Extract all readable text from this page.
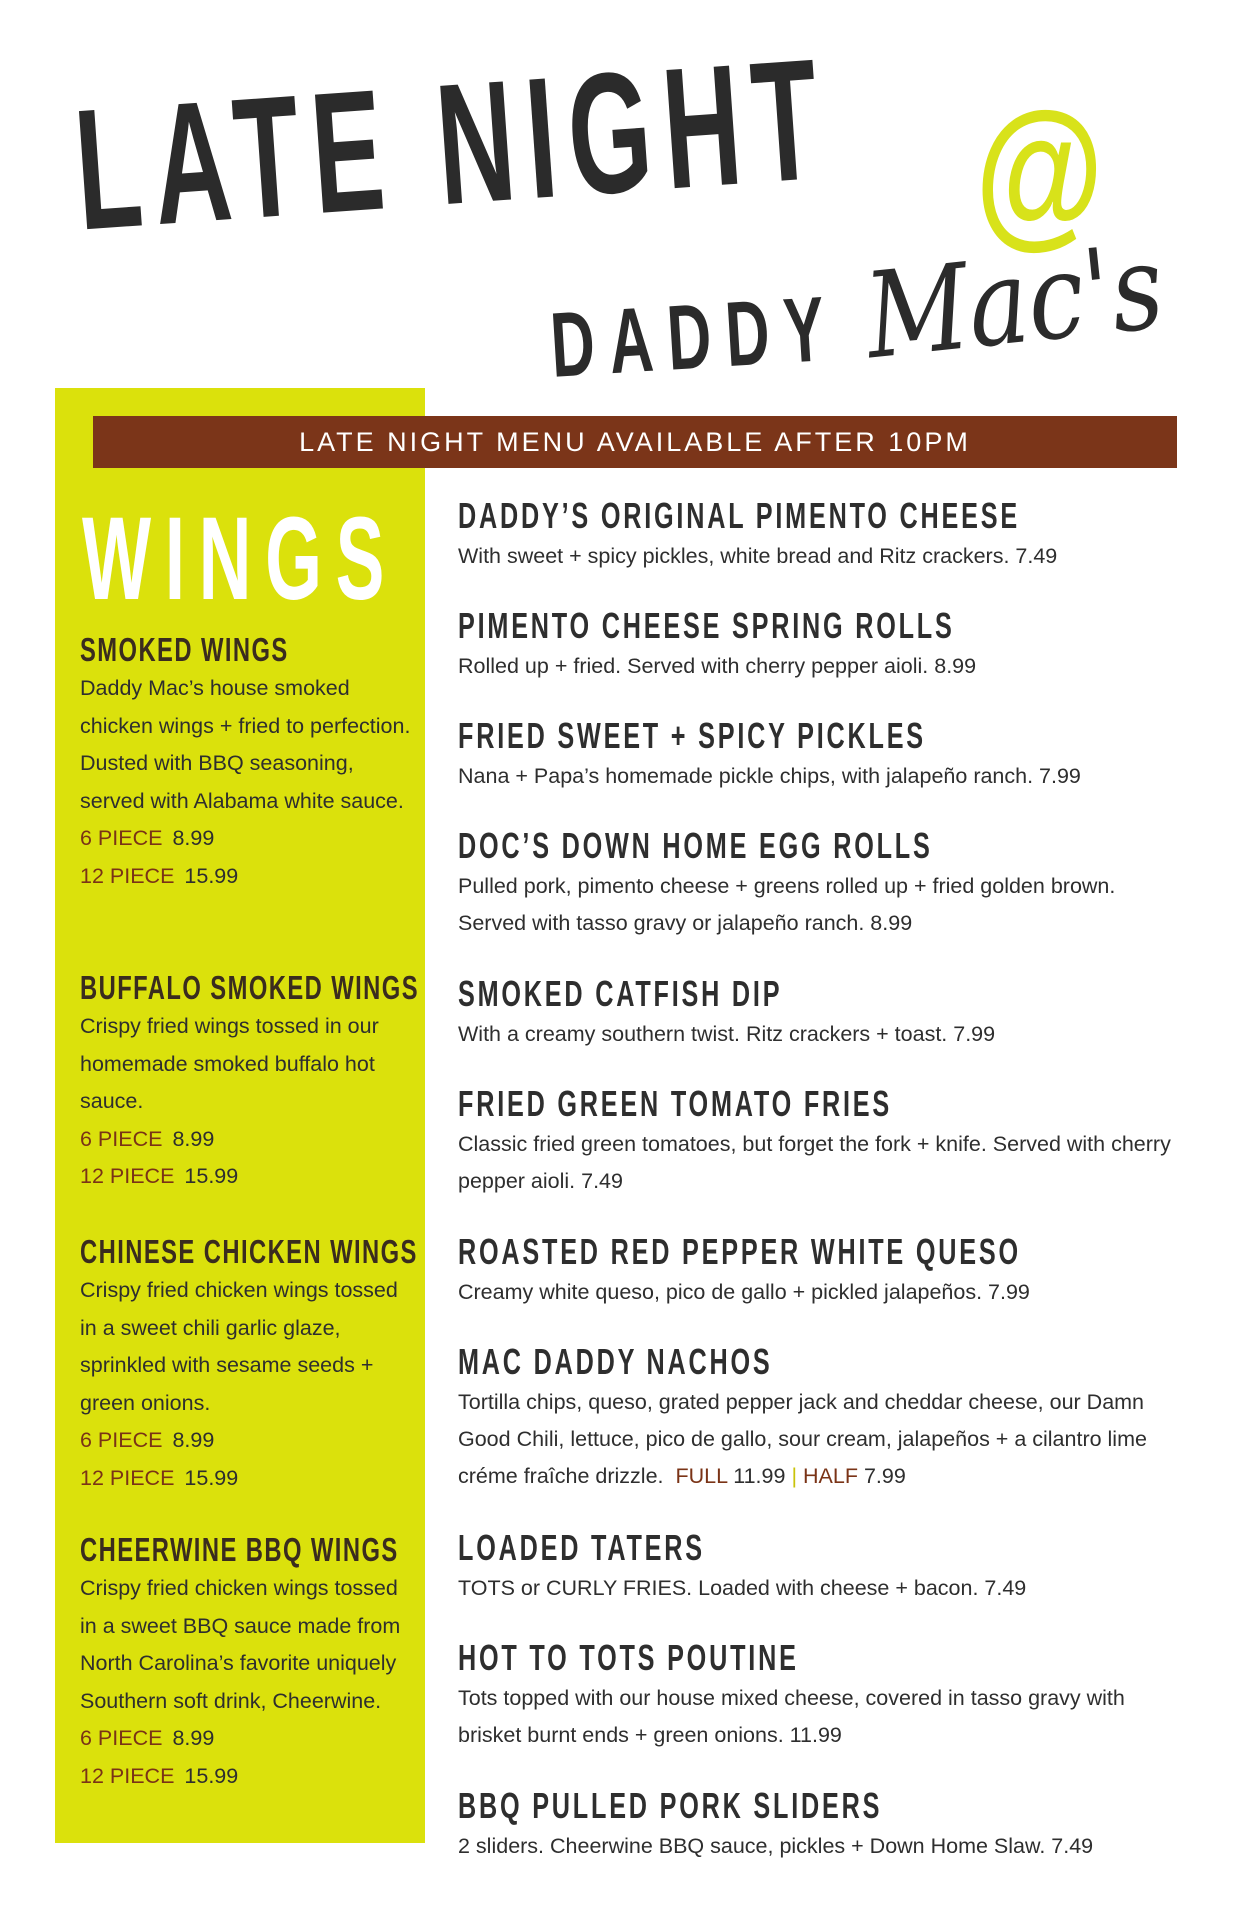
LATE NIGHT @
DADDY Mac's
LATE NIGHT MENU AVAILABLE AFTER 10PM
WINGS
SMOKED WINGS

Daddy Mac’s house smoked chicken wings + fried to perfection. Dusted with BBQ seasoning, served with Alabama white sauce.

6 PIECE 8.99
12 PIECE 15.99
BUFFALO SMOKED WINGS

Crispy fried wings tossed in our homemade smoked buffalo hot sauce.

6 PIECE 8.99
12 PIECE 15.99
CHINESE CHICKEN WINGS

Crispy fried chicken wings tossed in a sweet chili garlic glaze, sprinkled with sesame seeds + green onions.

6 PIECE 8.99
12 PIECE 15.99
CHEERWINE BBQ WINGS

Crispy fried chicken wings tossed in a sweet BBQ sauce made from North Carolina’s favorite uniquely Southern soft drink, Cheerwine.

6 PIECE 8.99
12 PIECE 15.99
DADDY’S ORIGINAL PIMENTO CHEESE

With sweet + spicy pickles, white bread and Ritz crackers. 7.49

PIMENTO CHEESE SPRING ROLLS

Rolled up + fried. Served with cherry pepper aioli. 8.99

FRIED SWEET + SPICY PICKLES

Nana + Papa’s homemade pickle chips, with jalapeño ranch. 7.99

DOC’S DOWN HOME EGG ROLLS

Pulled pork, pimento cheese + greens rolled up + fried golden brown. Served with tasso gravy or jalapeño ranch. 8.99

SMOKED CATFISH DIP

With a creamy southern twist. Ritz crackers + toast. 7.99

FRIED GREEN TOMATO FRIES

Classic fried green tomatoes, but forget the fork + knife. Served with cherry pepper aioli. 7.49

ROASTED RED PEPPER WHITE QUESO

Creamy white queso, pico de gallo + pickled jalapeños. 7.99

MAC DADDY NACHOS

Tortilla chips, queso, grated pepper jack and cheddar cheese, our Damn Good Chili, lettuce, pico de gallo, sour cream, jalapeños + a cilantro lime créme fraîche drizzle. FULL 11.99 | HALF 7.99

LOADED TATERS

TOTS or CURLY FRIES. Loaded with cheese + bacon. 7.49

HOT TO TOTS POUTINE

Tots topped with our house mixed cheese, covered in tasso gravy with brisket burnt ends + green onions. 11.99

BBQ PULLED PORK SLIDERS

2 sliders. Cheerwine BBQ sauce, pickles + Down Home Slaw. 7.49
